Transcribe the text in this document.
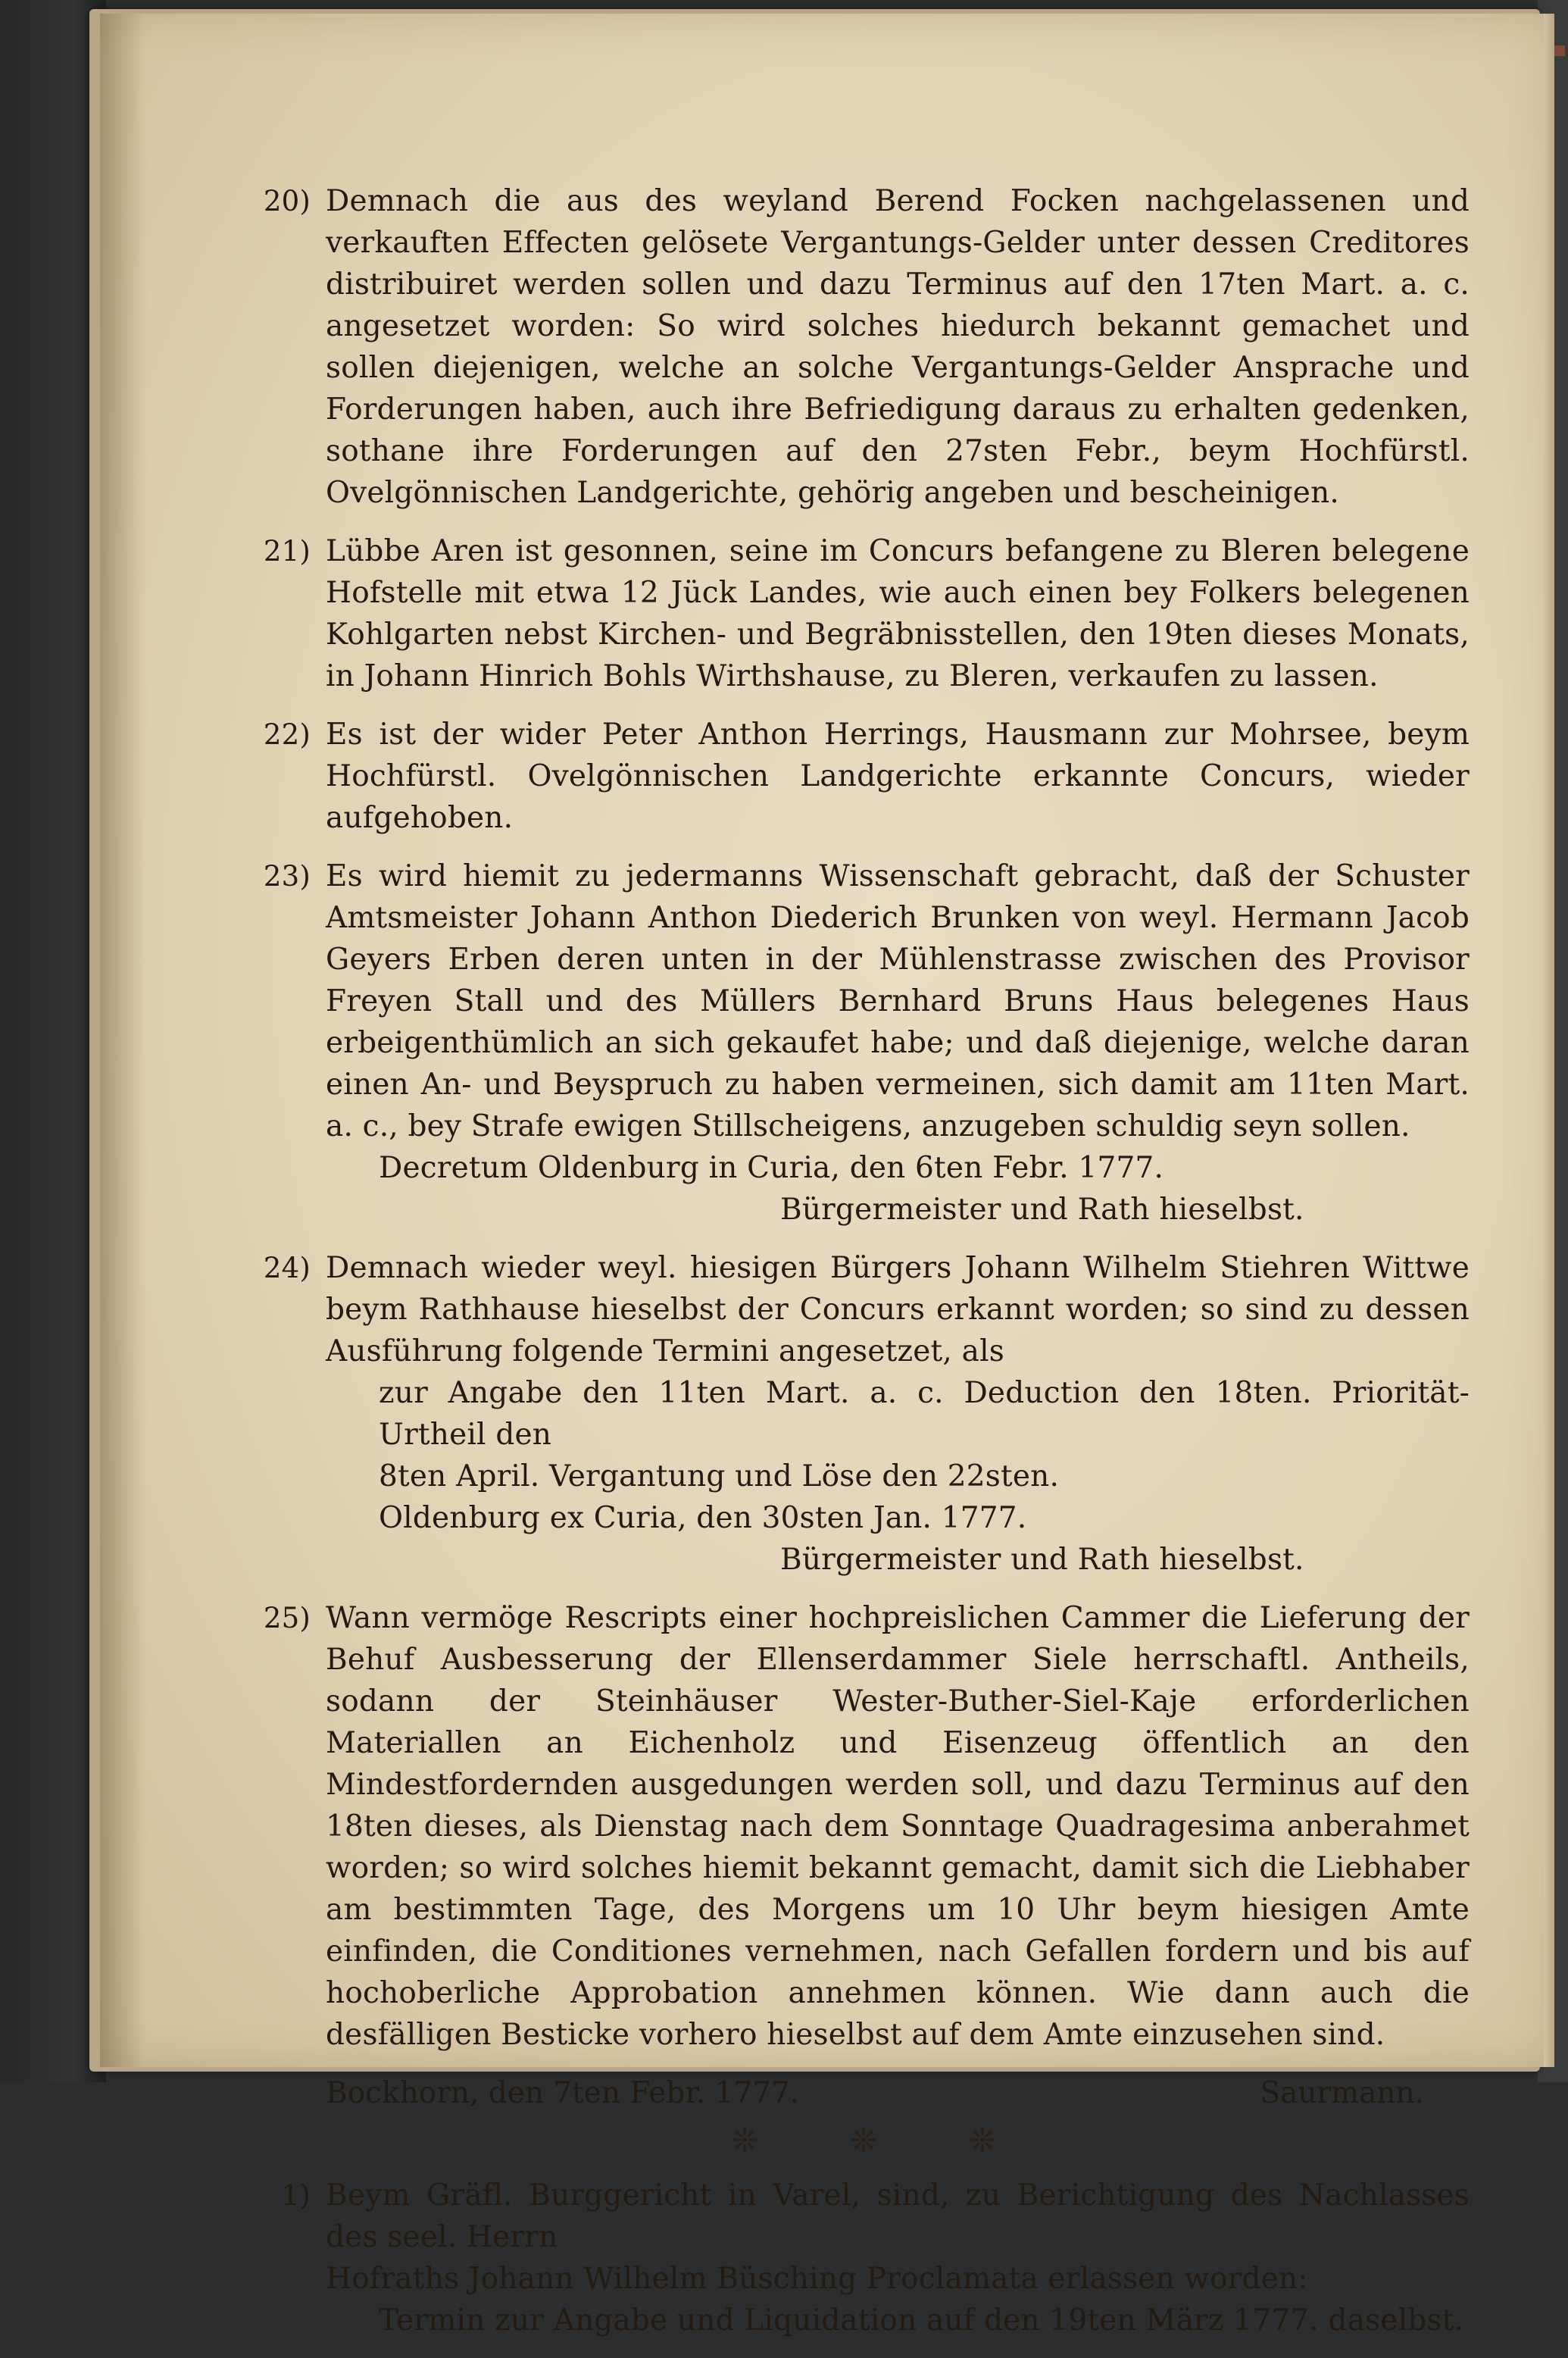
20) Demnach die aus des weyland Berend Focken nachgelassenen und verkauften Effecten gelösete Vergantungs-Gelder unter dessen Creditores distribuiret werden sollen und dazu Terminus auf den 17ten Mart. a. c. angesetzet worden: So wird solches hiedurch bekannt gemachet und sollen diejenigen, welche an solche Vergantungs-Gelder Ansprache und Forderungen haben, auch ihre Befriedigung daraus zu erhalten gedenken, sothane ihre Forderungen auf den 27sten Febr., beym Hochfürstl. Ovelgönnischen Landgerichte, gehörig angeben und bescheinigen.
21) Lübbe Aren ist gesonnen, seine im Concurs befangene zu Bleren belegene Hofstelle mit etwa 12 Jück Landes, wie auch einen bey Folkers belegenen Kohlgarten nebst Kirchen- und Begräbnisstellen, den 19ten dieses Monats, in Johann Hinrich Bohls Wirthshause, zu Bleren, verkaufen zu lassen.
22) Es ist der wider Peter Anthon Herrings, Hausmann zur Mohrsee, beym Hochfürstl. Ovelgönnischen Landgerichte erkannte Concurs, wieder aufgehoben.
23) Es wird hiemit zu jedermanns Wissenschaft gebracht, daß der Schuster Amtsmeister Johann Anthon Diederich Brunken von weyl. Hermann Jacob Geyers Erben deren unten in der Mühlenstrasse zwischen des Provisor Freyen Stall und des Müllers Bernhard Bruns Haus belegenes Haus erbeigenthümlich an sich gekaufet habe; und daß diejenige, welche daran einen An- und Beyspruch zu haben vermeinen, sich damit am 11ten Mart. a. c., bey Strafe ewigen Stillscheigens, anzugeben schuldig seyn sollen.
Decretum Oldenburg in Curia, den 6ten Febr. 1777.
Bürgermeister und Rath hieselbst.
24) Demnach wieder weyl. hiesigen Bürgers Johann Wilhelm Stiehren Wittwe beym Rathhause hieselbst der Concurs erkannt worden; so sind zu dessen Ausführung folgende Termini angesetzet, als
zur Angabe den 11ten Mart. a. c. Deduction den 18ten. Priorität-Urtheil den
8ten April. Vergantung und Löse den 22sten.
Oldenburg ex Curia, den 30sten Jan. 1777.
Bürgermeister und Rath hieselbst.
25) Wann vermöge Rescripts einer hochpreislichen Cammer die Lieferung der Behuf Ausbesserung der Ellenserdammer Siele herrschaftl. Antheils, sodann der Steinhäuser Wester-Buther-Siel-Kaje erforderlichen Materiallen an Eichenholz und Eisenzeug öffentlich an den Mindestfordernden ausgedungen werden soll, und dazu Terminus auf den 18ten dieses, als Dienstag nach dem Sonntage Quadragesima anberahmet worden; so wird solches hiemit bekannt gemacht, damit sich die Liebhaber am bestimmten Tage, des Morgens um 10 Uhr beym hiesigen Amte einfinden, die Conditiones vernehmen, nach Gefallen fordern und bis auf hochoberliche Approbation annehmen können. Wie dann auch die desfälligen Besticke vorhero hieselbst auf dem Amte einzusehen sind.
Bockhorn, den 7ten Febr. 1777.	Saurmann.
❊	❊	❊
1) Beym Gräfl. Burggericht in Varel, sind, zu Berichtigung des Nachlasses des seel. Herrn
Hofraths Johann Wilhelm Büsching Proclamata erlassen worden:
Termin zur Angabe und Liquidation auf den 19ten März 1777. daselbst.
